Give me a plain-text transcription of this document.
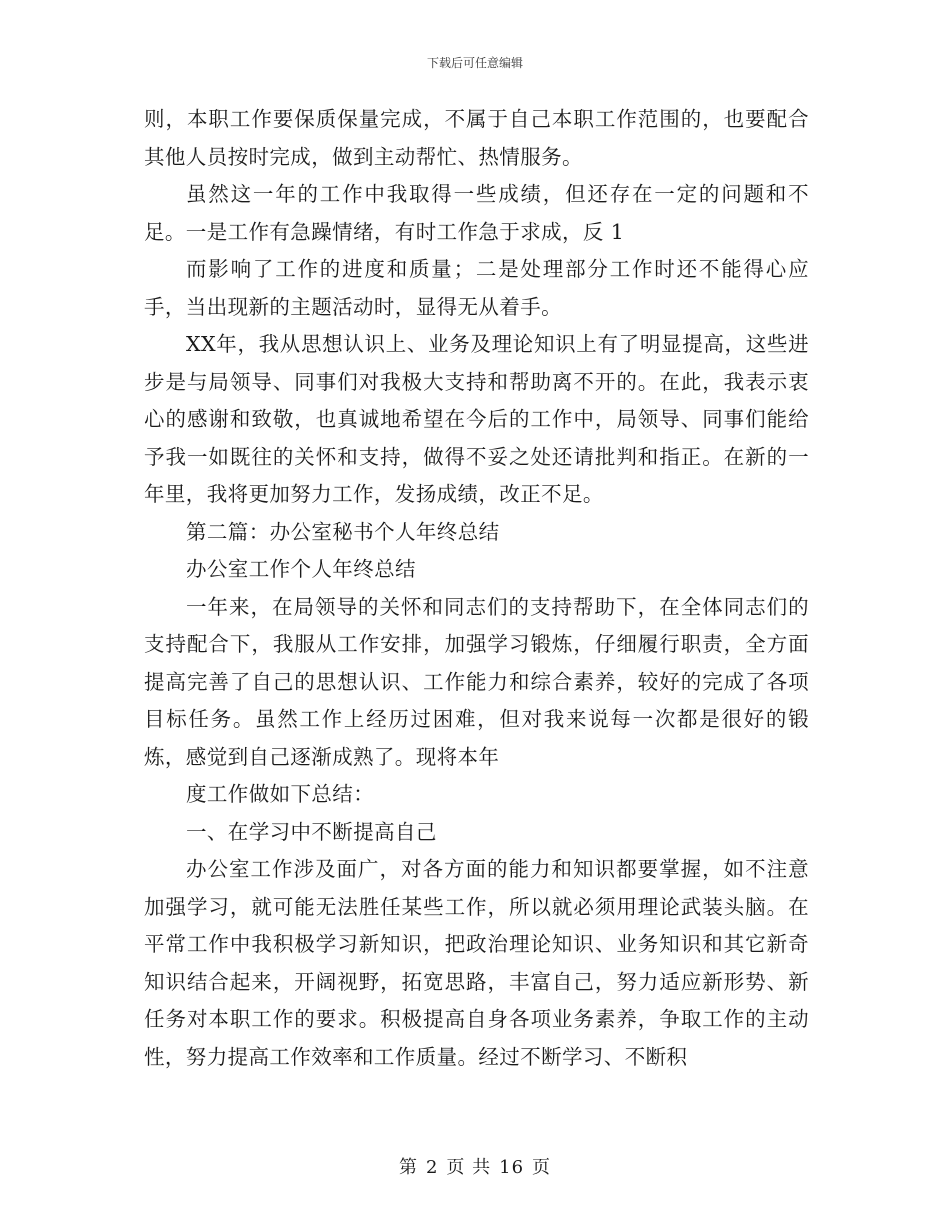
下载后可任意编辑

则，本职工作要保质保量完成，不属于自己本职工作范围的，也要配合其他人员按时完成，做到主动帮忙、热情服务。

虽然这一年的工作中我取得一些成绩，但还存在一定的问题和不足。一是工作有急躁情绪，有时工作急于求成，反 1

而影响了工作的进度和质量；二是处理部分工作时还不能得心应手，当出现新的主题活动时，显得无从着手。

XX年，我从思想认识上、业务及理论知识上有了明显提高，这些进步是与局领导、同事们对我极大支持和帮助离不开的。在此，我表示衷心的感谢和致敬，也真诚地希望在今后的工作中，局领导、同事们能给予我一如既往的关怀和支持，做得不妥之处还请批判和指正。在新的一年里，我将更加努力工作，发扬成绩，改正不足。

第二篇：办公室秘书个人年终总结

办公室工作个人年终总结

一年来，在局领导的关怀和同志们的支持帮助下，在全体同志们的支持配合下，我服从工作安排，加强学习锻炼，仔细履行职责，全方面提高完善了自己的思想认识、工作能力和综合素养，较好的完成了各项目标任务。虽然工作上经历过困难，但对我来说每一次都是很好的锻炼，感觉到自己逐渐成熟了。现将本年

度工作做如下总结：

一、在学习中不断提高自己

办公室工作涉及面广，对各方面的能力和知识都要掌握，如不注意加强学习，就可能无法胜任某些工作，所以就必须用理论武装头脑。在平常工作中我积极学习新知识，把政治理论知识、业务知识和其它新奇知识结合起来，开阔视野，拓宽思路，丰富自己，努力适应新形势、新任务对本职工作的要求。积极提高自身各项业务素养，争取工作的主动性，努力提高工作效率和工作质量。经过不断学习、不断积

第 2 页 共 16 页
